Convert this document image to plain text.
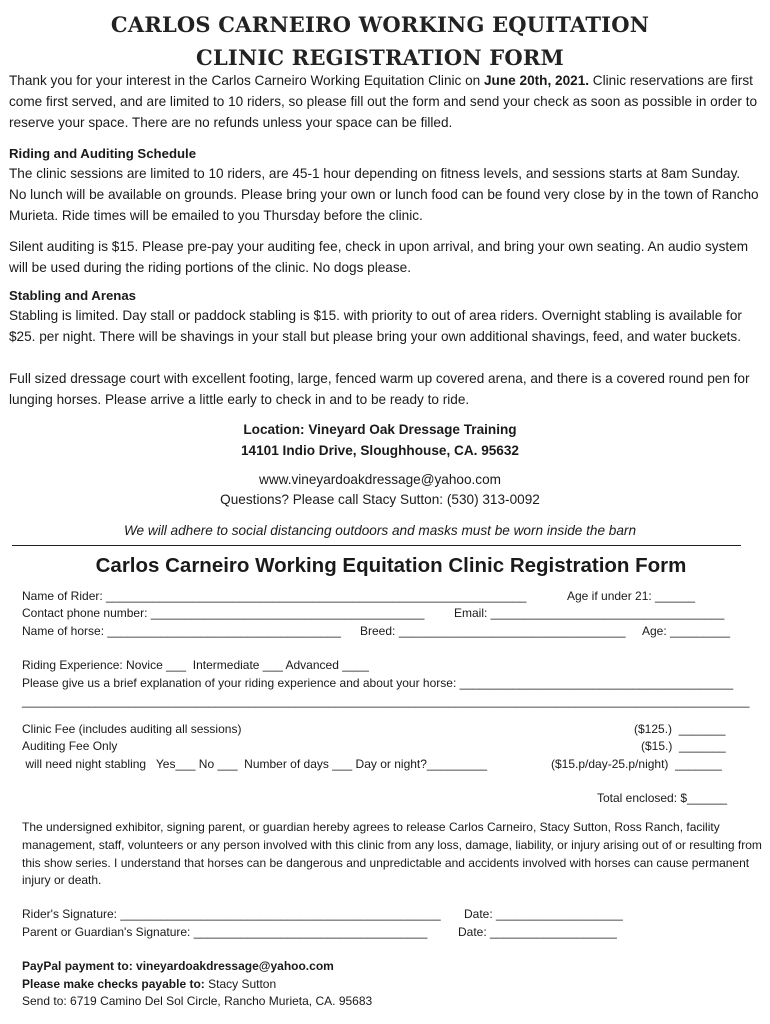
CARLOS CARNEIRO WORKING EQUITATION
CLINIC REGISTRATION FORM

Thank you for your interest in the Carlos Carneiro Working Equitation Clinic on June 20th, 2021. Clinic reservations are first come first served, and are limited to 10 riders, so please fill out the form and send your check as soon as possible in order to reserve your space. There are no refunds unless your space can be filled.

Riding and Auditing Schedule

The clinic sessions are limited to 10 riders, are 45-1 hour depending on fitness levels, and sessions starts at 8am Sunday. No lunch will be available on grounds. Please bring your own or lunch food can be found very close by in the town of Rancho Murieta. Ride times will be emailed to you Thursday before the clinic.

Silent auditing is $15. Please pre-pay your auditing fee, check in upon arrival, and bring your own seating. An audio system will be used during the riding portions of the clinic. No dogs please.

Stabling and Arenas

Stabling is limited. Day stall or paddock stabling is $15. with priority to out of area riders. Overnight stabling is available for $25. per night. There will be shavings in your stall but please bring your own additional shavings, feed, and water buckets.

Full sized dressage court with excellent footing, large, fenced warm up covered arena, and there is a covered round pen for lunging horses. Please arrive a little early to check in and to be ready to ride.

Location: Vineyard Oak Dressage Training
14101 Indio Drive, Sloughhouse, CA. 95632
www.vineyardoakdressage@yahoo.com
Questions? Please call Stacy Sutton: (530) 313-0092
We will adhere to social distancing outdoors and masks must be worn inside the barn
Carlos Carneiro Working Equitation Clinic Registration Form
Name of Rider: _______________________________________________________________	Age if under 21: ______
Contact phone number: _________________________________________ Email: ___________________________________
Name of horse: ___________________________________ Breed: __________________________________ Age: _________
Riding Experience: Novice ___  Intermediate ___ Advanced ____
Please give us a brief explanation of your riding experience and about your horse: _________________________________________
_____________________________________________________________________________________________________________
Clinic Fee (includes auditing all sessions)	($125.)  _______
Auditing Fee Only	($15.)  _______
will need night stabling   Yes___ No ___  Number of days ___ Day or night?_________	($15.p/day-25.p/night)  _______
Total enclosed: $______

The undersigned exhibitor, signing parent, or guardian hereby agrees to release Carlos Carneiro, Stacy Sutton, Ross Ranch, facility management, staff, volunteers or any person involved with this clinic from any loss, damage, liability, or injury arising out of or resulting from this show series. I understand that horses can be dangerous and unpredictable and accidents involved with horses can cause permanent injury or death.

Rider's Signature: ________________________________________________ Date: ___________________
Parent or Guardian's Signature: ___________________________________	Date: ___________________
PayPal payment to: vineyardoakdressage@yahoo.com
Please make checks payable to: Stacy Sutton
Send to: 6719 Camino Del Sol Circle, Rancho Murieta, CA. 95683
